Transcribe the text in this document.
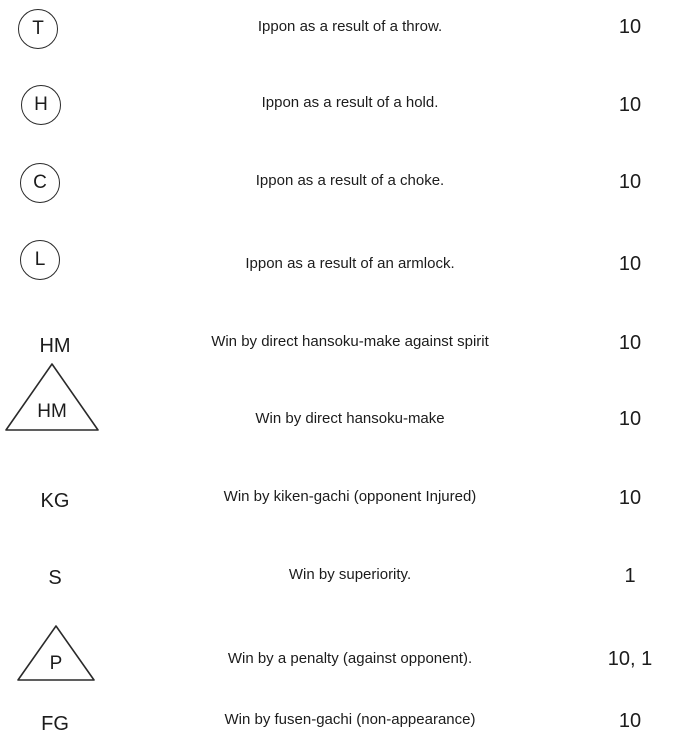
T	Ippon as a result of a throw.	10
H	Ippon as a result of a hold.	10
C	Ippon as a result of a choke.	10
L	Ippon as a result of an armlock.	10
HM	Win by direct hansoku-make against spirit	10
HM	Win by direct hansoku-make	10
KG	Win by kiken-gachi (opponent Injured)	10
S	Win by superiority.	1
P	Win by a penalty (against opponent).	10, 1
FG	Win by fusen-gachi (non-appearance)	10
